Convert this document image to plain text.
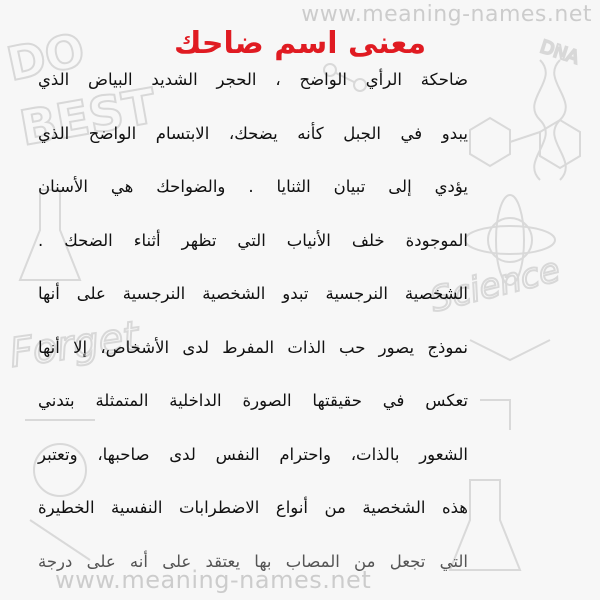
DO
BEST
Forget
Science
DNA
www.meaning-names.net
معنى اسم ضاحك
ضاحكة الرأي الواضح ، الحجر الشديد البياض الذي
يبدو في الجبل كأنه يضحك، الابتسام الواضح الذي
يؤدي إلى تبيان الثنايا . والضواحك هي الأسنان
الموجودة خلف الأنياب التي تظهر أثناء الضحك .
الشخصية النرجسية تبدو الشخصية النرجسية على أنها
نموذج يصور حب الذات المفرط لدى الأشخاص، إلا أنها
تعكس في حقيقتها الصورة الداخلية المتمثلة بتدني
الشعور بالذات، واحترام النفس لدى صاحبها، وتعتبر
هذه الشخصية من أنواع الاضطرابات النفسية الخطيرة
التي تجعل من المصاب بها يعتقد على أنه على درجة
www.meaning-names.net
